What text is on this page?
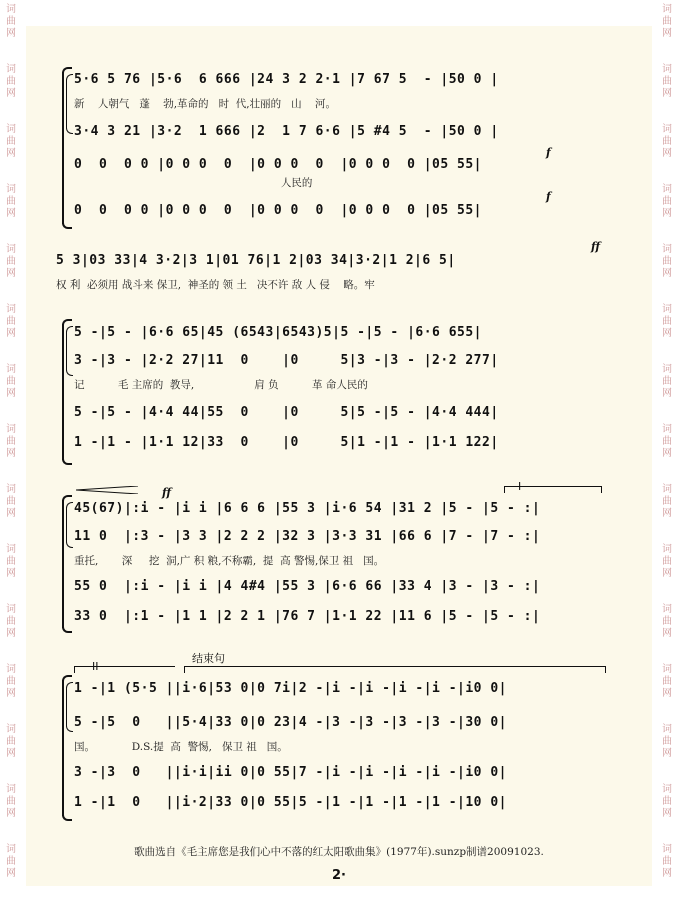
词
曲
网
词
曲
网
词
曲
网
词
曲
网
词
曲
网
词
曲
网
词
曲
网
词
曲
网
词
曲
网
词
曲
网
词
曲
网
词
曲
网
词
曲
网
词
曲
网
词
曲
网
词
曲
网
词
曲
网
词
曲
网
词
曲
网
词
曲
网
词
曲
网
词
曲
网
词
曲
网
词
曲
网
词
曲
网
词
曲
网
词
曲
网
词
曲
网
词
曲
网
词
曲
网
5·6 5 76 |5·6  6 666 |24 3 2 2·1 |7 67 5  - |50 0 |
新    人朝气   蓬    勃,革命的   时  代,壮丽的   山    河。
3·4 3 21 |3·2  1 666 |2  1 7 6·6 |5 #4 5  - |50 0 |
f
0  0  0 0 |0 0 0  0  |0 0 0  0  |0 0 0  0 |05 55|
人民的
f
0  0  0 0 |0 0 0  0  |0 0 0  0  |0 0 0  0 |05 55|
ff
5 3|03 33|4 3·2|3 1|01 76|1 2|03 34|3·2|1 2|6 5|
权 利  必须用 战斗来 保卫,  神圣的 领 土   决不许 敌 人 侵    略。牢
5 -|5 - |6·6 65|45 (6543|6543)5|5 -|5 - |6·6 655|
3 -|3 - |2·2 27|11  0    |0     5|3 -|3 - |2·2 277|
记          毛 主席的  教导,                  肩 负          革 命人民的
5 -|5 - |4·4 44|55  0    |0     5|5 -|5 - |4·4 444|
1 -|1 - |1·1 12|33  0    |0     5|1 -|1 - |1·1 122|
ff	I
45(67)|:i - |i i |6 6 6 |55 3 |i·6 54 |31 2 |5 - |5 - :|
11 0  |:3 - |3 3 |2 2 2 |32 3 |3·3 31 |66 6 |7 - |7 - :|
重托,       深     挖  洞,广 积 粮,不称霸,  提  高 警惕,保卫 祖   国。
55 0  |:i - |i i |4 4#4 |55 3 |6·6 66 |33 4 |3 - |3 - :|
33 0  |:1 - |1 1 |2 2 1 |76 7 |1·1 22 |11 6 |5 - |5 - :|
II
结束句
1 -|1 (5·5 ||i·6|53 0|0 7i|2 -|i -|i -|i -|i -|i0 0|
5 -|5  0   ||5·4|33 0|0 23|4 -|3 -|3 -|3 -|3 -|30 0|
国。           D.S.提  高  警惕,   保卫 祖   国。
3 -|3  0   ||i·i|ii 0|0 55|7 -|i -|i -|i -|i -|i0 0|
1 -|1  0   ||i·2|33 0|0 55|5 -|1 -|1 -|1 -|1 -|10 0|
歌曲选自《毛主席您是我们心中不落的红太阳歌曲集》(1977年).sunzp制谱20091023.
2·
